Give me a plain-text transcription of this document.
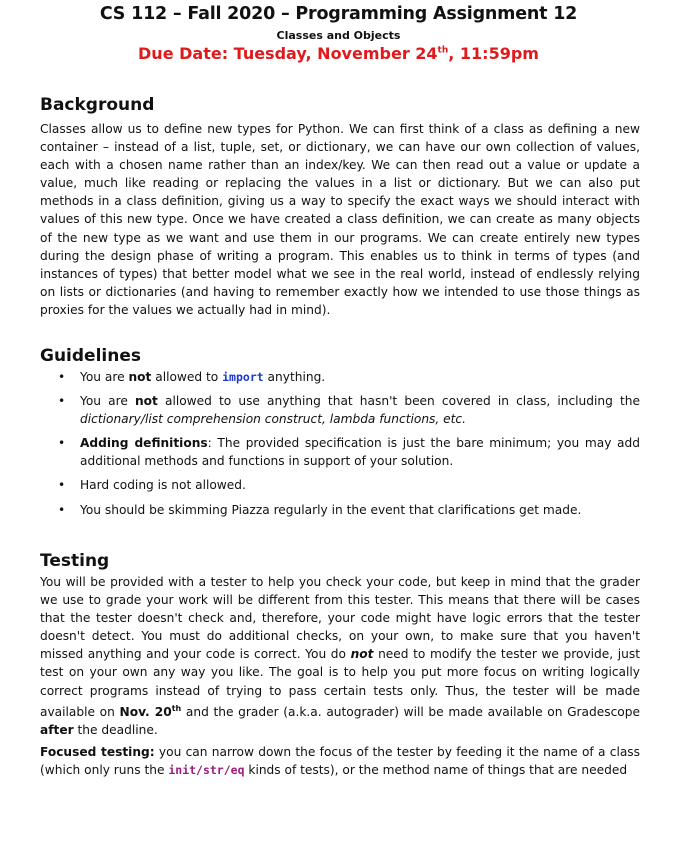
CS 112 – Fall 2020 – Programming Assignment 12
Classes and Objects
Due Date: Tuesday, November 24th, 11:59pm
Background

Classes allow us to define new types for Python. We can first think of a class as defining a new container – instead of a list, tuple, set, or dictionary, we can have our own collection of values, each with a chosen name rather than an index/key. We can then read out a value or update a value, much like reading or replacing the values in a list or dictionary. But we can also put methods in a class definition, giving us a way to specify the exact ways we should interact with values of this new type. Once we have created a class definition, we can create as many objects of the new type as we want and use them in our programs. We can create entirely new types during the design phase of writing a program. This enables us to think in terms of types (and instances of types) that better model what we see in the real world, instead of endlessly relying on lists or dictionaries (and having to remember exactly how we intended to use those things as proxies for the values we actually had in mind).

Guidelines
• You are not allowed to import anything.
• You are not allowed to use anything that hasn't been covered in class, including the dictionary/list comprehension construct, lambda functions, etc.
• Adding definitions: The provided specification is just the bare minimum; you may add additional methods and functions in support of your solution.
• Hard coding is not allowed.
• You should be skimming Piazza regularly in the event that clarifications get made.
Testing

You will be provided with a tester to help you check your code, but keep in mind that the grader we use to grade your work will be different from this tester. This means that there will be cases that the tester doesn't check and, therefore, your code might have logic errors that the tester doesn't detect. You must do additional checks, on your own, to make sure that you haven't missed anything and your code is correct. You do not need to modify the tester we provide, just test on your own any way you like. The goal is to help you put more focus on writing logically correct programs instead of trying to pass certain tests only. Thus, the tester will be made available on Nov. 20th and the grader (a.k.a. autograder) will be made available on Gradescope after the deadline.

Focused testing: you can narrow down the focus of the tester by feeding it the name of a class (which only runs the init/str/eq kinds of tests), or the method name of things that are needed
